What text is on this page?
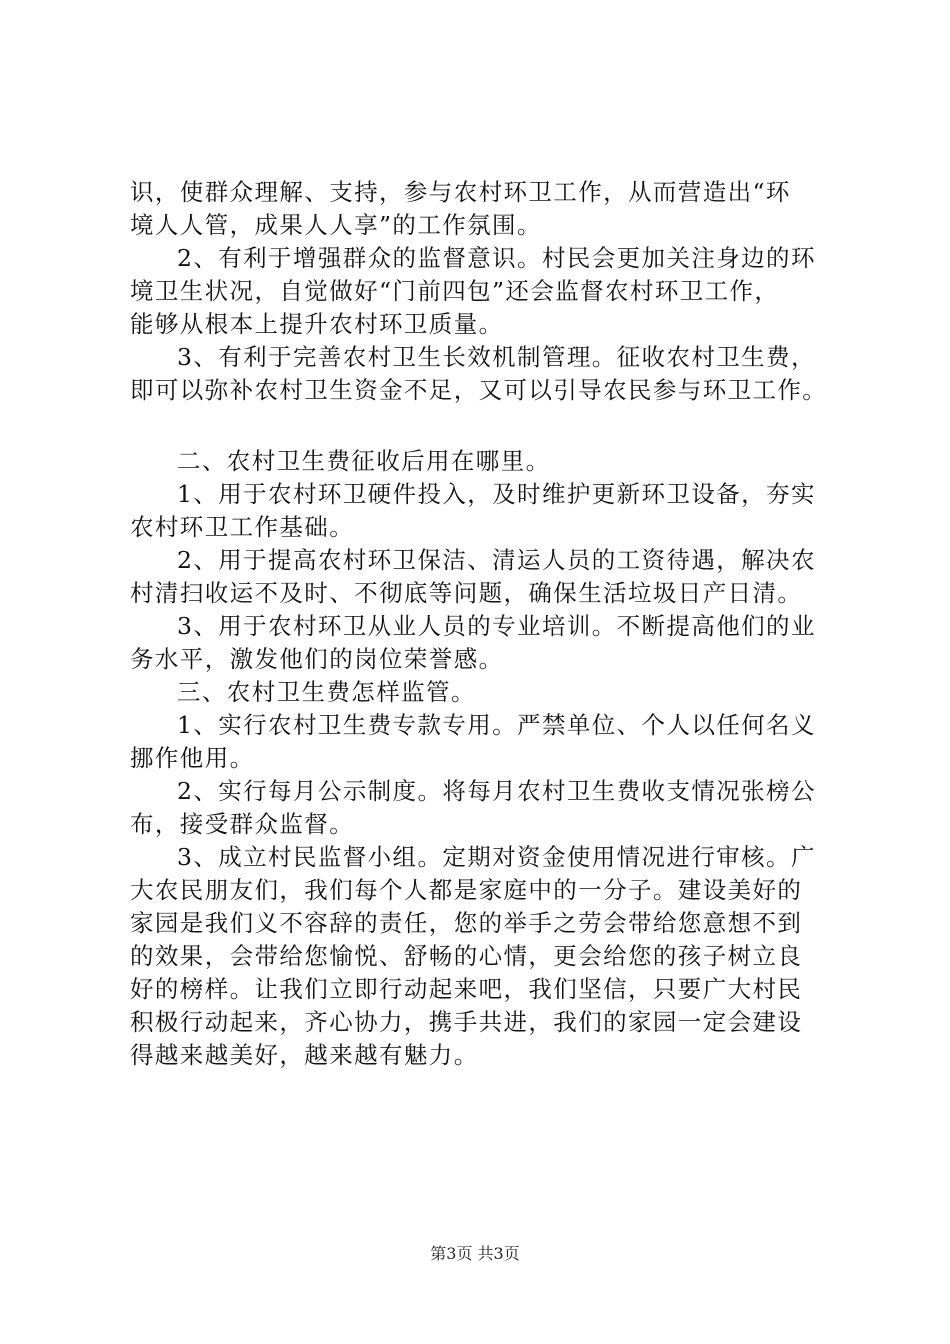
识，使群众理解、支持，参与农村环卫工作，从而营造出“环
境人人管，成果人人享”的工作氛围。
2、有利于增强群众的监督意识。村民会更加关注身边的环
境卫生状况，自觉做好“门前四包”还会监督农村环卫工作，
能够从根本上提升农村环卫质量。
3、有利于完善农村卫生长效机制管理。征收农村卫生费，
即可以弥补农村卫生资金不足，又可以引导农民参与环卫工作。
二、农村卫生费征收后用在哪里。
1、用于农村环卫硬件投入，及时维护更新环卫设备，夯实
农村环卫工作基础。
2、用于提高农村环卫保洁、清运人员的工资待遇，解决农
村清扫收运不及时、不彻底等问题，确保生活垃圾日产日清。
3、用于农村环卫从业人员的专业培训。不断提高他们的业
务水平，激发他们的岗位荣誉感。
三、农村卫生费怎样监管。
1、实行农村卫生费专款专用。严禁单位、个人以任何名义
挪作他用。
2、实行每月公示制度。将每月农村卫生费收支情况张榜公
布，接受群众监督。
3、成立村民监督小组。定期对资金使用情况进行审核。广
大农民朋友们，我们每个人都是家庭中的一分子。建设美好的
家园是我们义不容辞的责任，您的举手之劳会带给您意想不到
的效果，会带给您愉悦、舒畅的心情，更会给您的孩子树立良
好的榜样。让我们立即行动起来吧，我们坚信，只要广大村民
积极行动起来，齐心协力，携手共进，我们的家园一定会建设
得越来越美好，越来越有魅力。
第3页 共3页
